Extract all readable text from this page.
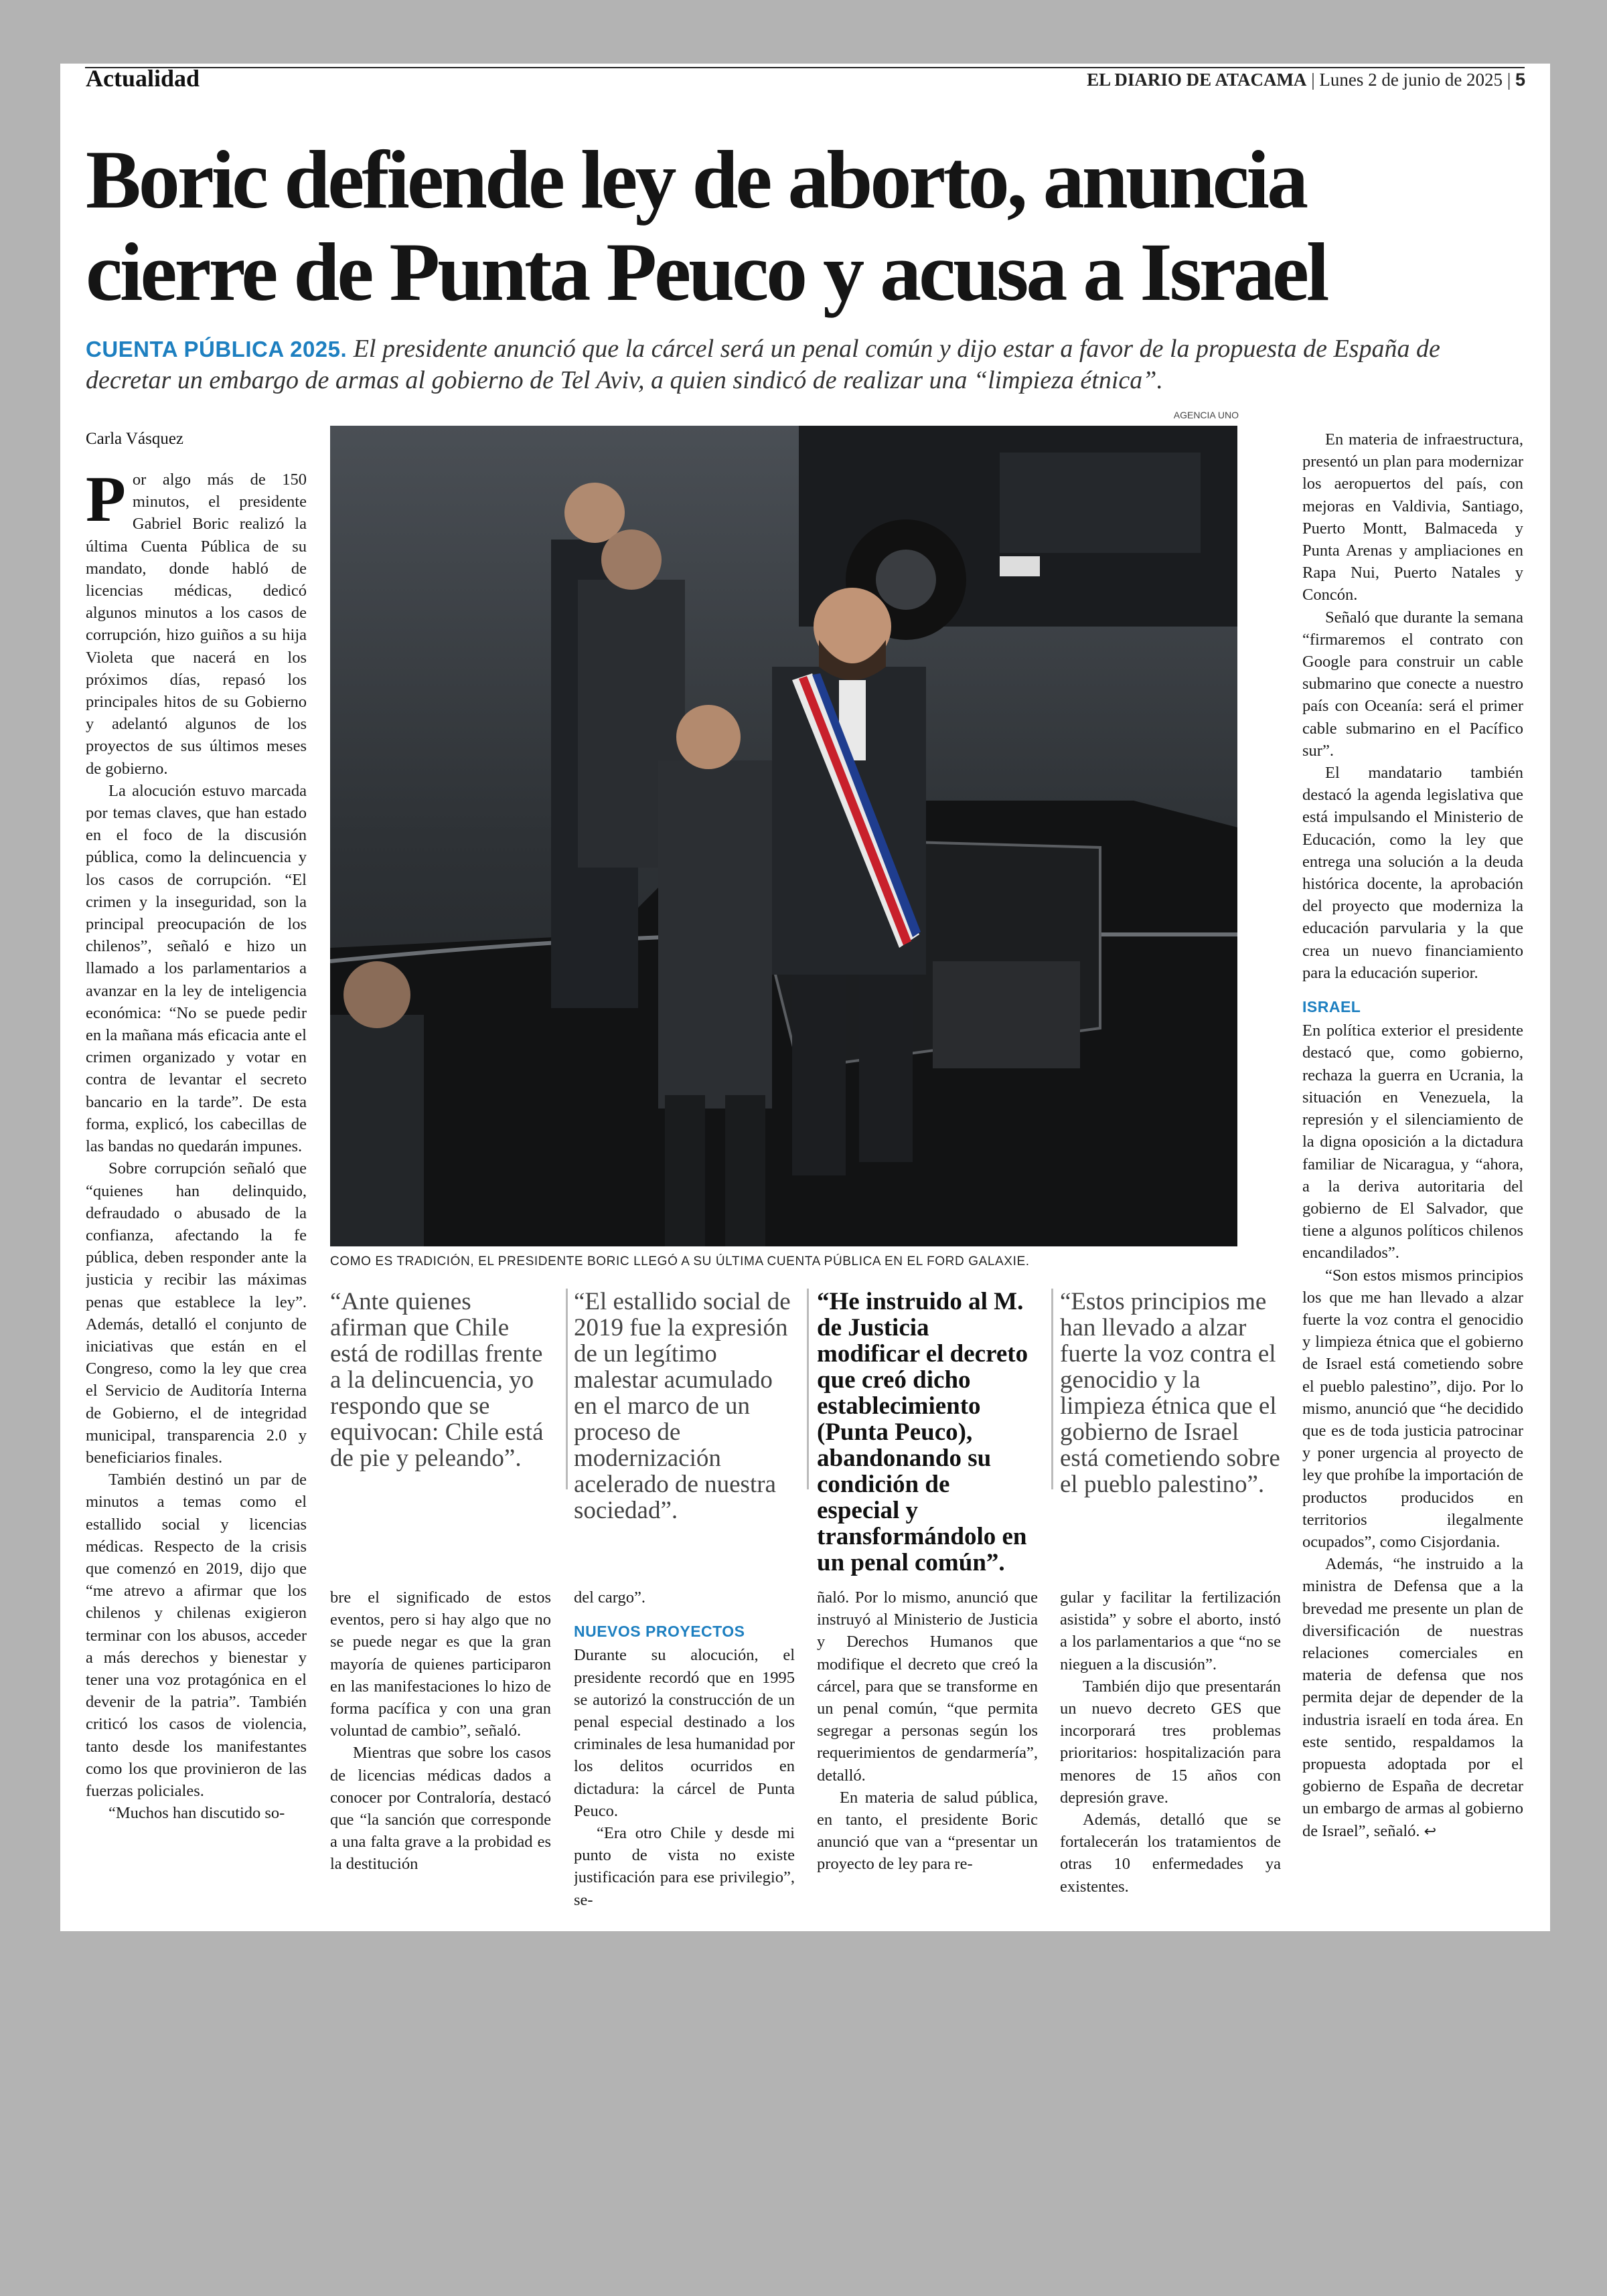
Actualidad	EL DIARIO DE ATACAMA | Lunes 2 de junio de 2025 | 5
Boric defiende ley de aborto, anuncia
cierre de Punta Peuco y acusa a Israel
CUENTA PÚBLICA 2025. El presidente anunció que la cárcel será un penal común y dijo estar a favor de la propuesta de España de decretar un embargo de armas al gobierno de Tel Aviv, a quien sindicó de realizar una “limpieza étnica”.
Carla Vásquez
AGENCIA UNO
COMO ES TRADICIÓN, EL PRESIDENTE BORIC LLEGÓ A SU ÚLTIMA CUENTA PÚBLICA EN EL FORD GALAXIE.

Por algo más de 150 minutos, el presidente Gabriel Boric realizó la última Cuenta Pública de su mandato, donde habló de licencias médicas, dedicó algunos minutos a los casos de corrupción, hizo guiños a su hija Violeta que nacerá en los próximos días, repasó los principales hitos de su Gobierno y adelantó algunos de los proyectos de sus últimos meses de gobierno.

La alocución estuvo marcada por temas claves, que han estado en el foco de la discusión pública, como la delincuencia y los casos de corrupción. “El crimen y la inseguridad, son la principal preocupación de los chilenos”, señaló e hizo un llamado a los parlamentarios a avanzar en la ley de inteligencia económica: “No se puede pedir en la mañana más eficacia ante el crimen organizado y votar en contra de levantar el secreto bancario en la tarde”. De esta forma, explicó, los cabecillas de las bandas no quedarán impunes.

Sobre corrupción señaló que “quienes han delinquido, defraudado o abusado de la confianza, afectando la fe pública, deben responder ante la justicia y recibir las máximas penas que establece la ley”. Además, detalló el conjunto de iniciativas que están en el Congreso, como la ley que crea el Servicio de Auditoría Interna de Gobierno, el de integridad municipal, transparencia 2.0 y beneficiarios finales.

También destinó un par de minutos a temas como el estallido social y licencias médicas. Respecto de la crisis que comenzó en 2019, dijo que “me atrevo a afirmar que los chilenos y chilenas exigieron terminar con los abusos, acceder a más derechos y bienestar y tener una voz protagónica en el devenir de la patria”. También criticó los casos de violencia, tanto desde los manifestantes como los que provinieron de las fuerzas policiales.

“Muchos han discutido so-

“Ante quienes afirman que Chile está de rodillas frente a la delincuencia, yo respondo que se equivocan: Chile está de pie y peleando”.
“El estallido social de 2019 fue la expresión de un legítimo malestar acumulado en el marco de un proceso de modernización acelerado de nuestra sociedad”.
“He instruido al M. de Justicia modificar el decreto que creó dicho establecimiento (Punta Peuco), abandonando su condición de especial y transformándolo en un penal común”.
“Estos principios me han llevado a alzar fuerte la voz contra el genocidio y la limpieza étnica que el gobierno de Israel está cometiendo sobre el pueblo palestino”.

bre el significado de estos eventos, pero si hay algo que no se puede negar es que la gran mayoría de quienes participaron en las manifestaciones lo hizo de forma pacífica y con una gran voluntad de cambio”, señaló.

Mientras que sobre los casos de licencias médicas dados a conocer por Contraloría, destacó que “la sanción que corresponde a una falta grave a la probidad es la destitución

del cargo”.

NUEVOS PROYECTOS

Durante su alocución, el presidente recordó que en 1995 se autorizó la construcción de un penal especial destinado a los criminales de lesa humanidad por los delitos ocurridos en dictadura: la cárcel de Punta Peuco.

“Era otro Chile y desde mi punto de vista no existe justificación para ese privilegio”, se-

ñaló. Por lo mismo, anunció que instruyó al Ministerio de Justicia y Derechos Humanos que modifique el decreto que creó la cárcel, para que se transforme en un penal común, “que permita segregar a personas según los requerimientos de gendarmería”, detalló.

En materia de salud pública, en tanto, el presidente Boric anunció que van a “presentar un proyecto de ley para re-

gular y facilitar la fertilización asistida” y sobre el aborto, instó a los parlamentarios a que “no se nieguen a la discusión”.

También dijo que presentarán un nuevo decreto GES que incorporará tres problemas prioritarios: hospitalización para menores de 15 años con depresión grave.

Además, detalló que se fortalecerán los tratamientos de otras 10 enfermedades ya existentes.

En materia de infraestructura, presentó un plan para modernizar los aeropuertos del país, con mejoras en Valdivia, Santiago, Puerto Montt, Balmaceda y Punta Arenas y ampliaciones en Rapa Nui, Puerto Natales y Concón.

Señaló que durante la semana “firmaremos el contrato con Google para construir un cable submarino que conecte a nuestro país con Oceanía: será el primer cable submarino en el Pacífico sur”.

El mandatario también destacó la agenda legislativa que está impulsando el Ministerio de Educación, como la ley que entrega una solución a la deuda histórica docente, la aprobación del proyecto que moderniza la educación parvularia y la que crea un nuevo financiamiento para la educación superior.

ISRAEL

En política exterior el presidente destacó que, como gobierno, rechaza la guerra en Ucrania, la situación en Venezuela, la represión y el silenciamiento de la digna oposición a la dictadura familiar de Nicaragua, y “ahora, a la deriva autoritaria del gobierno de El Salvador, que tiene a algunos políticos chilenos encandilados”.

“Son estos mismos principios los que me han llevado a alzar fuerte la voz contra el genocidio y limpieza étnica que el gobierno de Israel está cometiendo sobre el pueblo palestino”, dijo. Por lo mismo, anunció que “he decidido que es de toda justicia patrocinar y poner urgencia al proyecto de ley que prohíbe la importación de productos producidos en territorios ilegalmente ocupados”, como Cisjordania.

Además, “he instruido a la ministra de Defensa que a la brevedad me presente un plan de diversificación de nuestras relaciones comerciales en materia de defensa que nos permita dejar de depender de la industria israelí en toda área. En este sentido, respaldamos la propuesta adoptada por el gobierno de España de decretar un embargo de armas al gobierno de Israel”, señaló. ↩
